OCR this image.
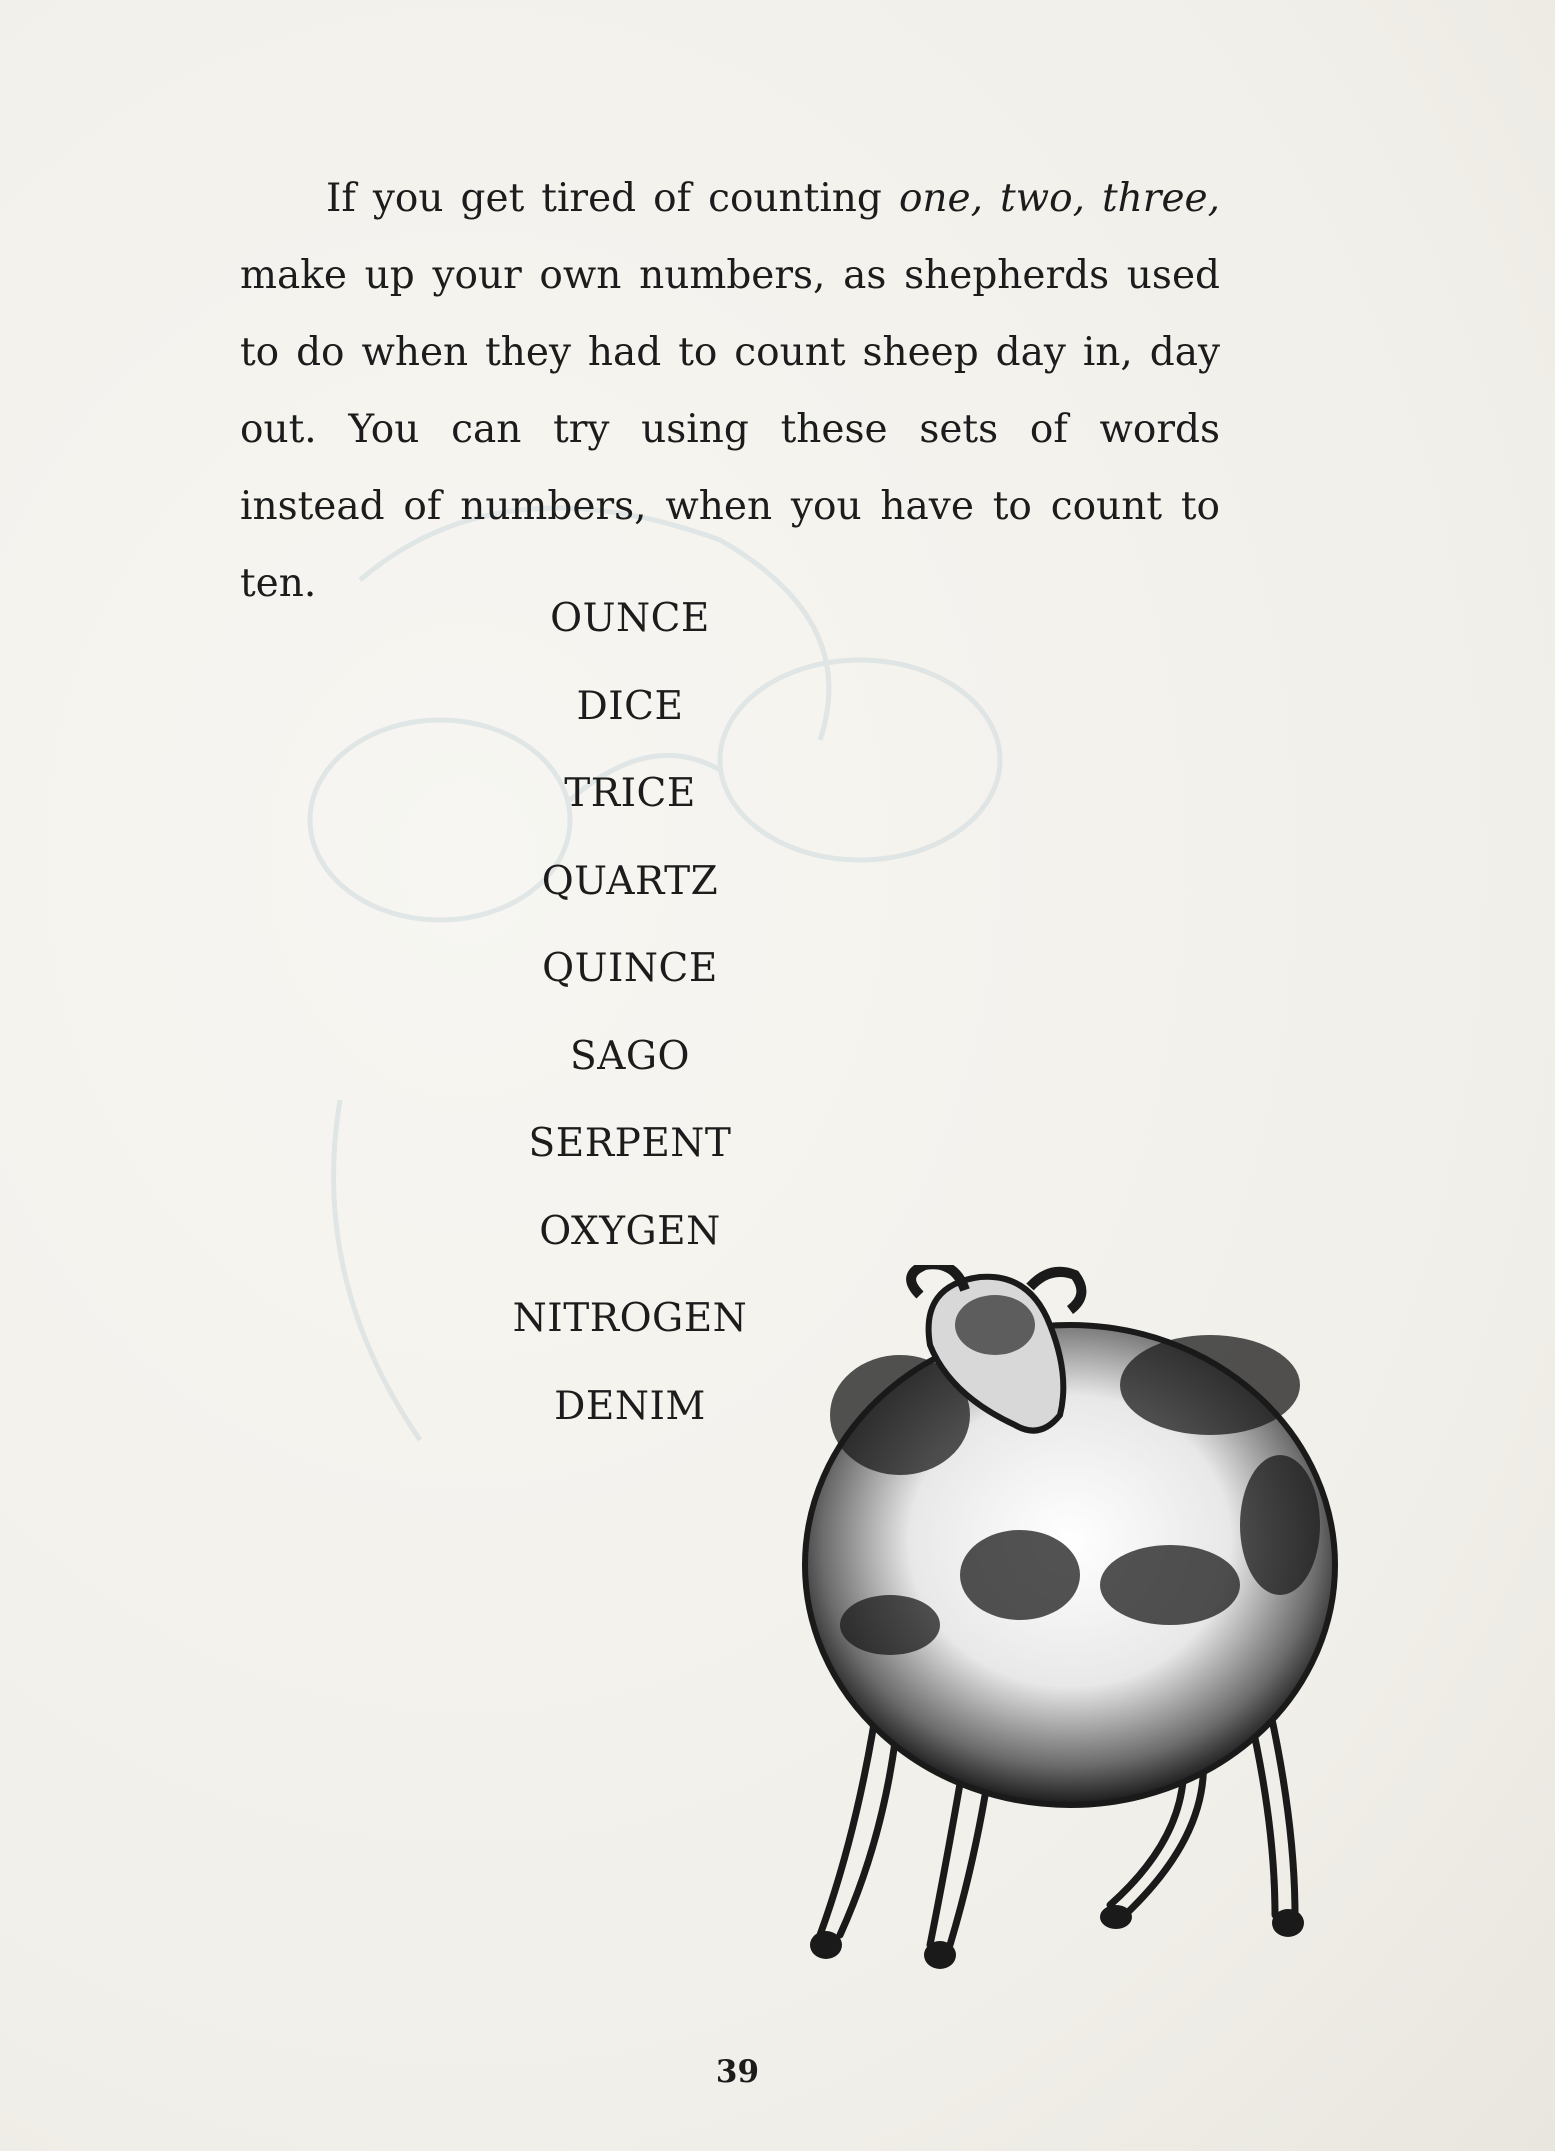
If you get tired of counting one, two, three, make up your own numbers, as shepherds used to do when they had to count sheep day in, day out. You can try using these sets of words instead of numbers, when you have to count to ten.

OUNCE
DICE
TRICE
QUARTZ
QUINCE
SAGO
SERPENT
OXYGEN
NITROGEN
DENIM
39
